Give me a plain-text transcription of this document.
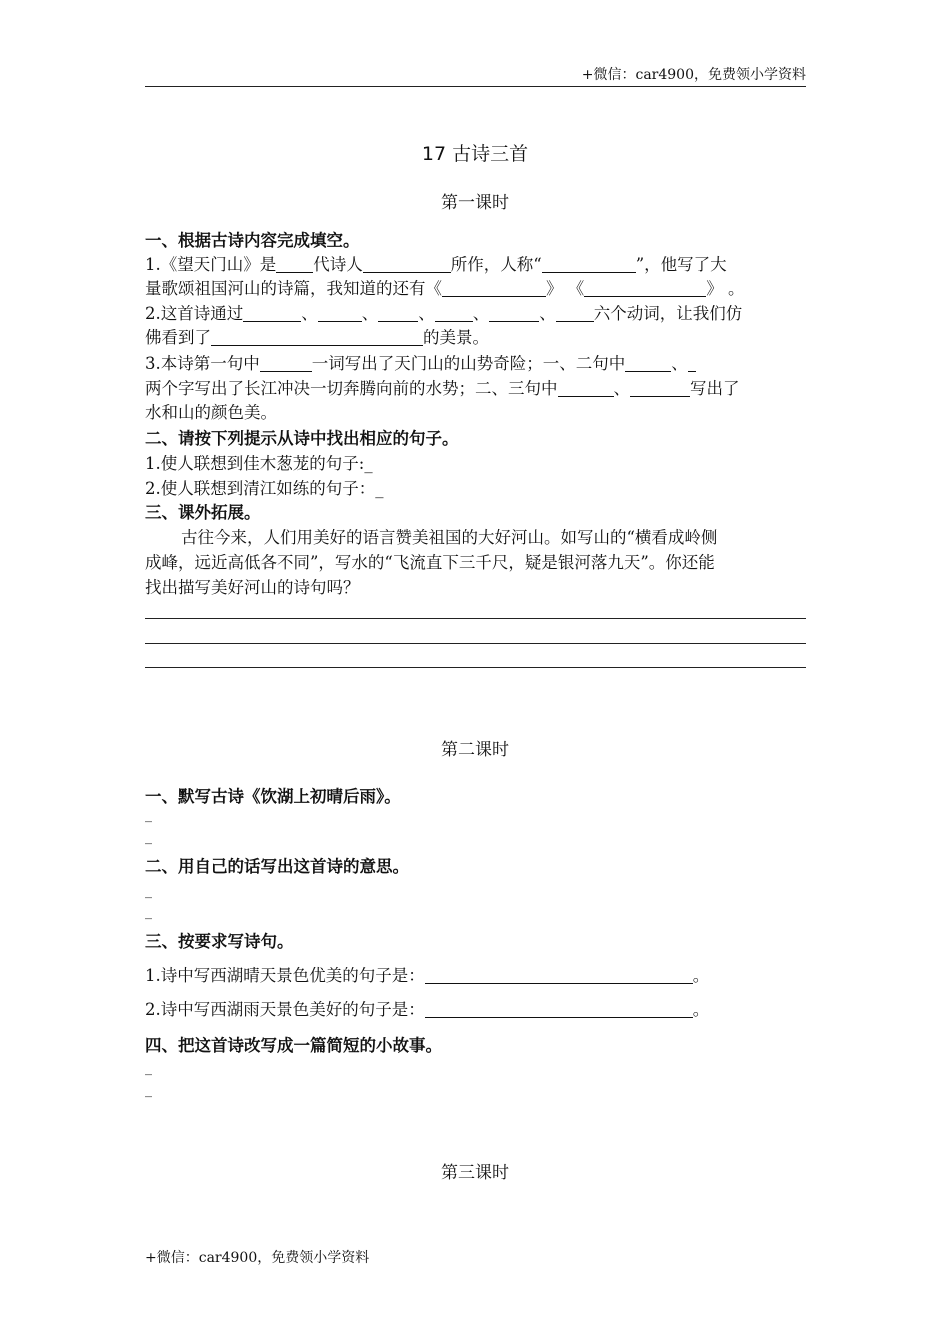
+微信：car4900，免费领小学资料
17 古诗三首
第一课时
一、根据古诗内容完成填空。
1.《望天门山》是 代诗人	所作，人称“	”，他写了大
量歌颂祖国河山的诗篇，我知道的还有《	》 《	》 。
2.这首诗通过	、	、 、 、	、 六个动词，让我们仿
佛看到了	的美景。
3.本诗第一句中	一词写出了天门山的山势奇险；一、二句中	、
两个字写出了长江冲决一切奔腾向前的水势；二、三句中	、	写出了
水和山的颜色美。
二、请按下列提示从诗中找出相应的句子。
1.使人联想到佳木葱茏的句子:_
2.使人联想到清江如练的句子：_
三、课外拓展。
古往今来，人们用美好的语言赞美祖国的大好河山。如写山的“横看成岭侧
成峰，远近高低各不同”，写水的“飞流直下三千尺，疑是银河落九天”。你还能
找出描写美好河山的诗句吗？
第二课时
一、默写古诗《饮湖上初晴后雨》。
_
_
二、用自己的话写出这首诗的意思。
_
_
三、按要求写诗句。
1.诗中写西湖晴天景色优美的句子是：	。
2.诗中写西湖雨天景色美好的句子是：	。
四、把这首诗改写成一篇简短的小故事。
_
_
第三课时
+微信：car4900，免费领小学资料
